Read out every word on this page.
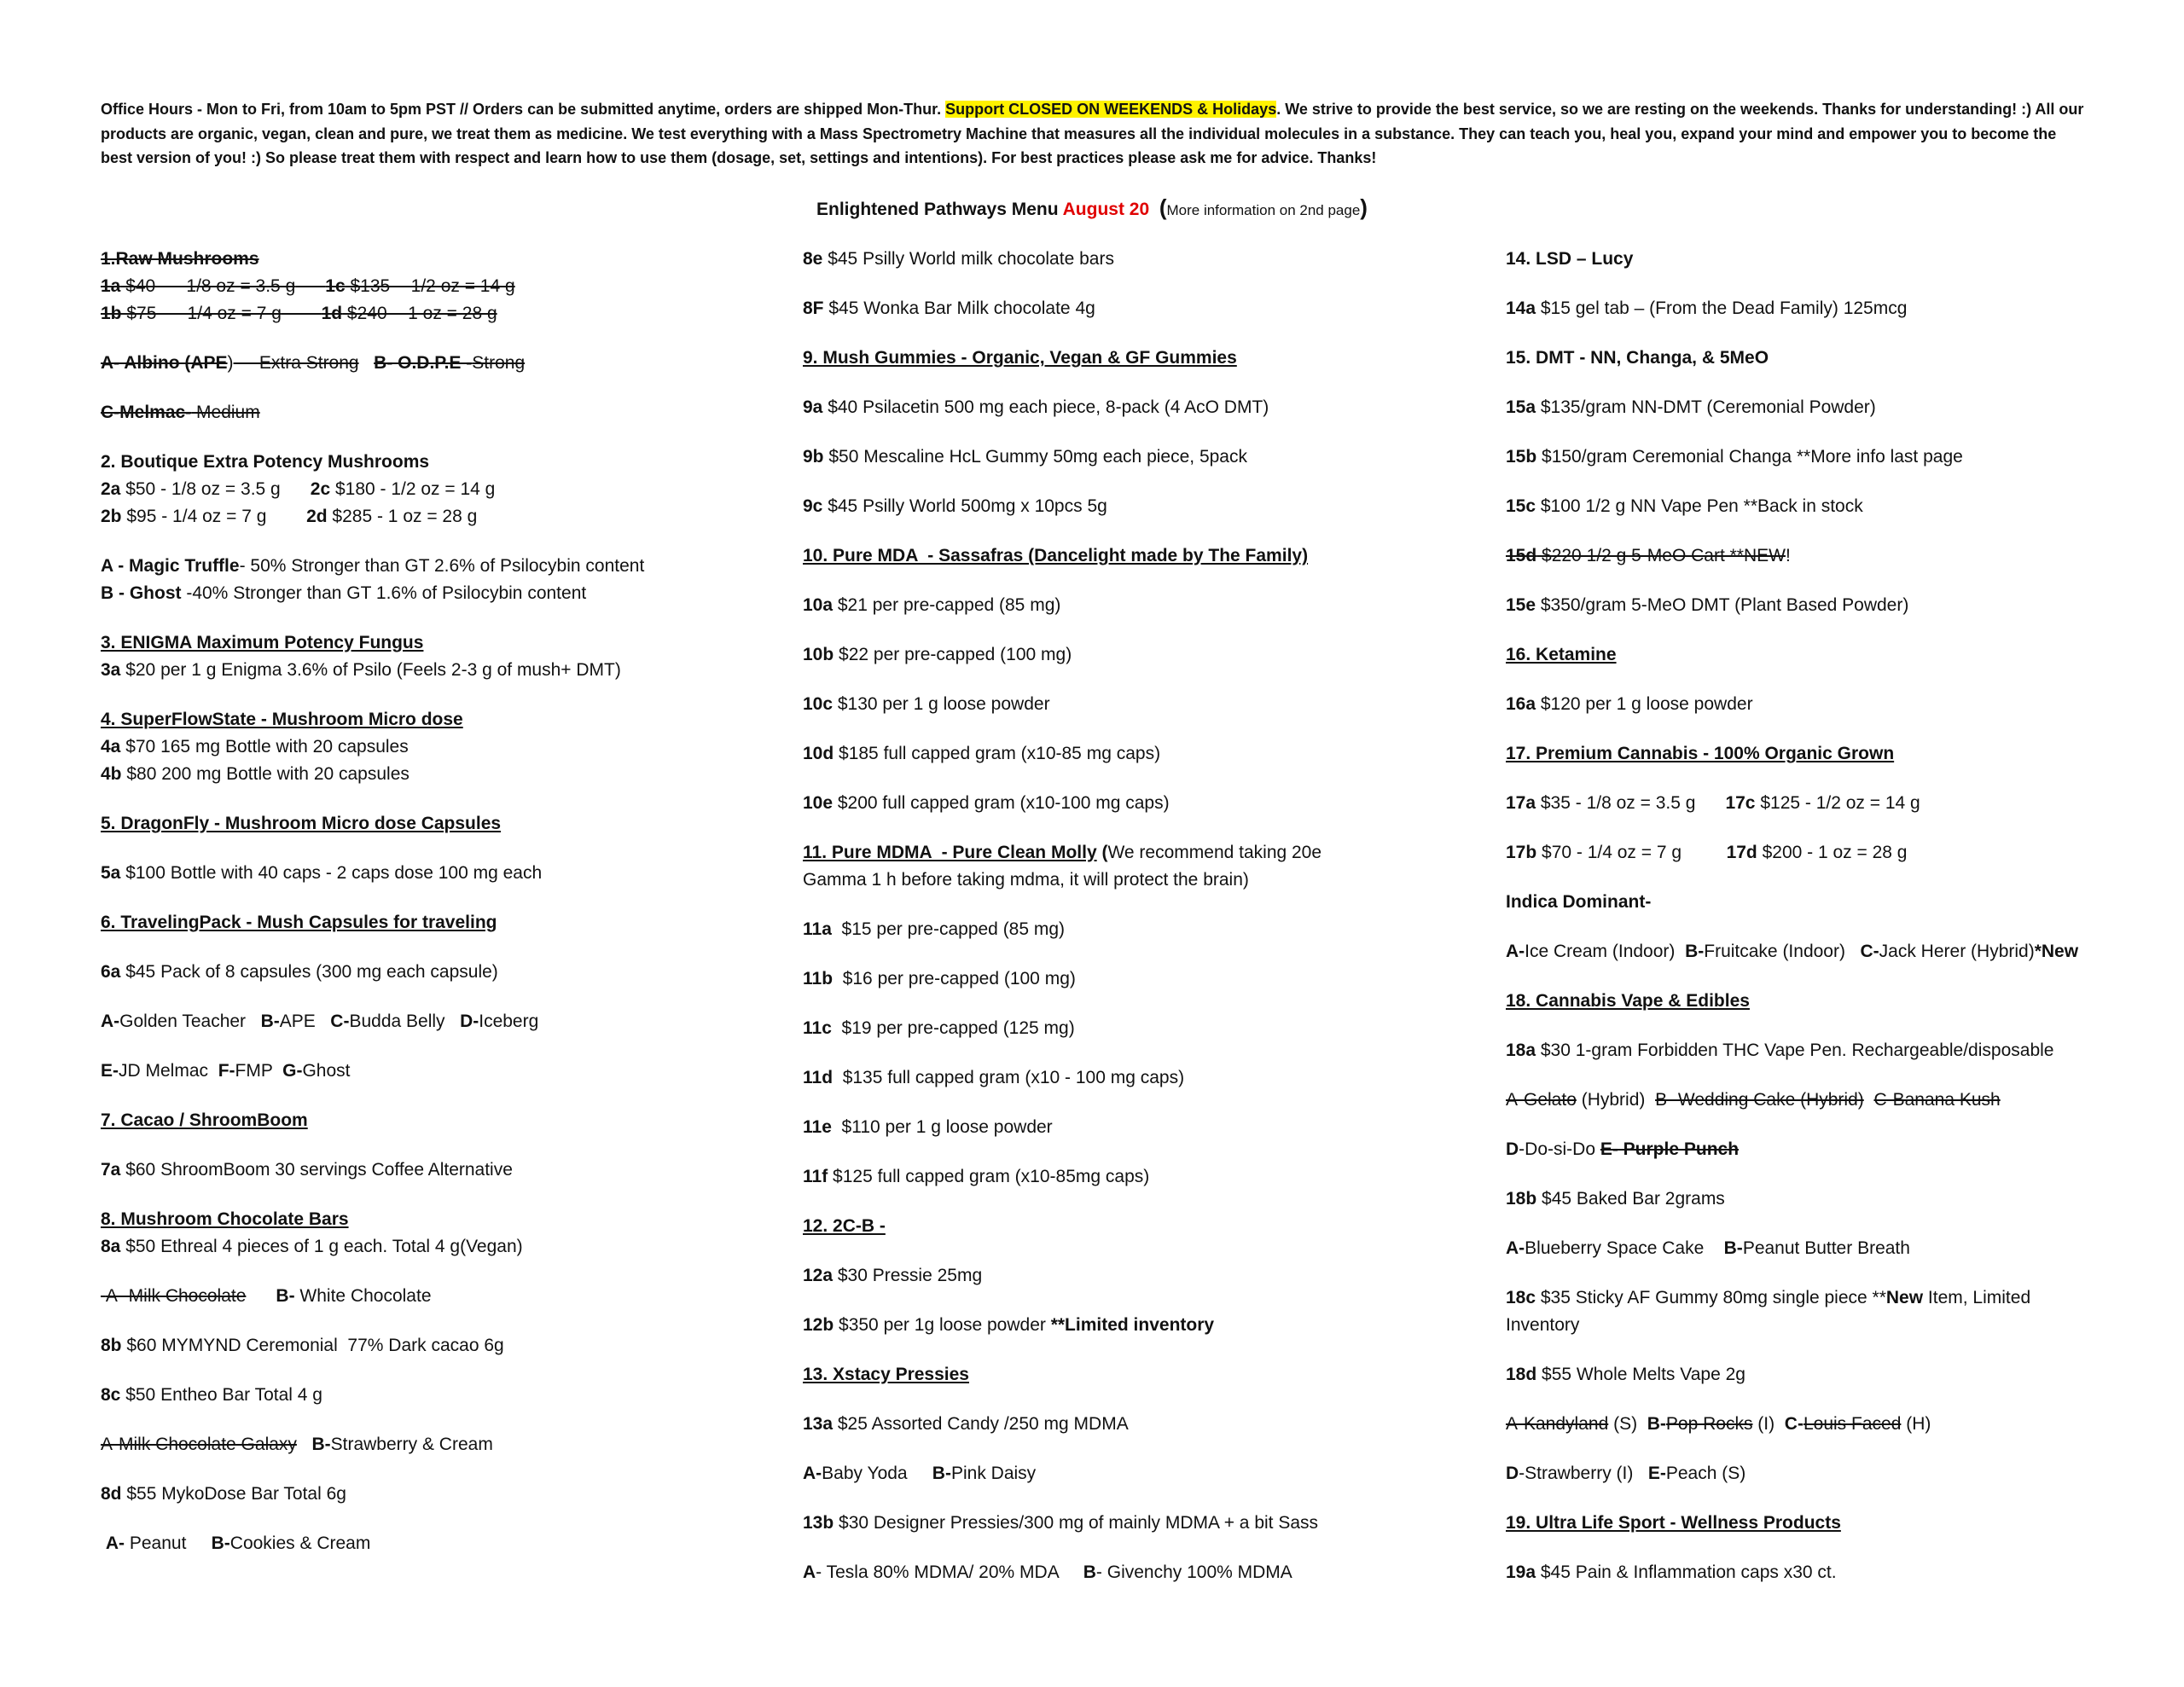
Office Hours - Mon to Fri, from 10am to 5pm PST // Orders can be submitted anytime, orders are shipped Mon-Thur. Support CLOSED ON WEEKENDS & Holidays. We strive to provide the best service, so we are resting on the weekends. Thanks for understanding! :) All our products are organic, vegan, clean and pure, we treat them as medicine. We test everything with a Mass Spectrometry Machine that measures all the individual molecules in a substance. They can teach you, heal you, expand your mind and empower you to become the best version of you! :) So please treat them with respect and learn how to use them (dosage, set, settings and intentions). For best practices please ask me for advice. Thanks!
Enlightened Pathways Menu August 20 (More information on 2nd page)

1.Raw Mushrooms

1a $40   -  1/8 oz = 3.5 g 1c $135 -  1/2 oz = 14 g

1b $75   -  1/4 oz = 7 g 1d $240 -  1 oz = 28 g

A- Albino (APE)   - Extra Strong B- O.D.P.E -Strong

C-Melmac- Medium

2. Boutique Extra Potency Mushrooms

2a $50 - 1/8 oz = 3.5 g 2c $180 - 1/2 oz = 14 g

2b $95 - 1/4 oz = 7 g 2d $285 - 1 oz = 28 g

A - Magic Truffle- 50% Stronger than GT 2.6% of Psilocybin content

B - Ghost -40% Stronger than GT 1.6% of Psilocybin content

3. ENIGMA Maximum Potency Fungus

3a $20 per 1 g Enigma 3.6% of Psilo (Feels 2-3 g of mush+ DMT)

4. SuperFlowState - Mushroom Micro dose

4a $70 165 mg Bottle with 20 capsules

4b $80 200 mg Bottle with 20 capsules

5. DragonFly - Mushroom Micro dose Capsules

5a $100 Bottle with 40 caps - 2 caps dose 100 mg each

6. TravelingPack - Mush Capsules for traveling

6a $45 Pack of 8 capsules (300 mg each capsule)

A-Golden Teacher B-APE C-Budda Belly D-Iceberg

E-JD Melmac F-FMP G-Ghost

7. Cacao / ShroomBoom

7a $60 ShroomBoom 30 servings Coffee Alternative

8. Mushroom Chocolate Bars

8a $50 Ethreal 4 pieces of 1 g each. Total 4 g(Vegan)

A- Milk Chocolate B- White Chocolate

8b $60 MYMYND Ceremonial  77% Dark cacao 6g

8c $50 Entheo Bar Total 4 g

A-Milk Chocolate Galaxy B-Strawberry & Cream

8d $55 MykoDose Bar Total 6g

A- Peanut B-Cookies & Cream

8e $45 Psilly World milk chocolate bars

8F $45 Wonka Bar Milk chocolate 4g

9. Mush Gummies - Organic, Vegan & GF Gummies

9a $40 Psilacetin 500 mg each piece, 8-pack (4 AcO DMT)

9b $50 Mescaline HcL Gummy 50mg each piece, 5pack

9c $45 Psilly World 500mg x 10pcs 5g

10. Pure MDA  - Sassafras (Dancelight made by The Family)

10a $21 per pre-capped (85 mg)

10b $22 per pre-capped (100 mg)

10c $130 per 1 g loose powder

10d $185 full capped gram (x10-85 mg caps)

10e $200 full capped gram (x10-100 mg caps)

11. Pure MDMA  - Pure Clean Molly (We recommend taking 20e Gamma 1 h before taking mdma, it will protect the brain)

11a  $15 per pre-capped (85 mg)

11b  $16 per pre-capped (100 mg)

11c  $19 per pre-capped (125 mg)

11d  $135 full capped gram (x10 - 100 mg caps)

11e  $110 per 1 g loose powder

11f $125 full capped gram (x10-85mg caps)

12. 2C-B -

12a $30 Pressie 25mg

12b $350 per 1g loose powder **Limited inventory

13. Xstacy Pressies

13a $25 Assorted Candy /250 mg MDMA

A-Baby Yoda B-Pink Daisy

13b $30 Designer Pressies/300 mg of mainly MDMA + a bit Sass

A- Tesla 80% MDMA/ 20% MDA B- Givenchy 100% MDMA

14. LSD – Lucy

14a $15 gel tab – (From the Dead Family) 125mcg

15. DMT - NN, Changa, & 5MeO

15a $135/gram NN-DMT (Ceremonial Powder)

15b $150/gram Ceremonial Changa **More info last page

15c $100 1/2 g NN Vape Pen **Back in stock

15d $220 1/2 g 5-MeO Cart **NEW!

15e $350/gram 5-MeO DMT (Plant Based Powder)

16. Ketamine

16a $120 per 1 g loose powder

17. Premium Cannabis - 100% Organic Grown

17a $35 - 1/8 oz = 3.5 g 17c $125 - 1/2 oz = 14 g

17b $70 - 1/4 oz = 7 g	17d $200 - 1 oz = 28 g

Indica Dominant-

A-Ice Cream (Indoor) B-Fruitcake (Indoor) C-Jack Herer (Hybrid)*New

18. Cannabis Vape & Edibles

18a $30 1-gram Forbidden THC Vape Pen. Rechargeable/disposable

A-Gelato (Hybrid) B- Wedding Cake (Hybrid) C-Banana Kush

D-Do-si-Do E- Purple Punch

18b $45 Baked Bar 2grams

A-Blueberry Space Cake B-Peanut Butter Breath

18c $35 Sticky AF Gummy 80mg single piece **New Item, Limited Inventory

18d $55 Whole Melts Vape 2g

A-Kandyland (S) B-Pop Rocks (I) C-Louis Faced (H)

D-Strawberry (I) E-Peach (S)

19. Ultra Life Sport - Wellness Products

19a $45 Pain & Inflammation caps x30 ct.
